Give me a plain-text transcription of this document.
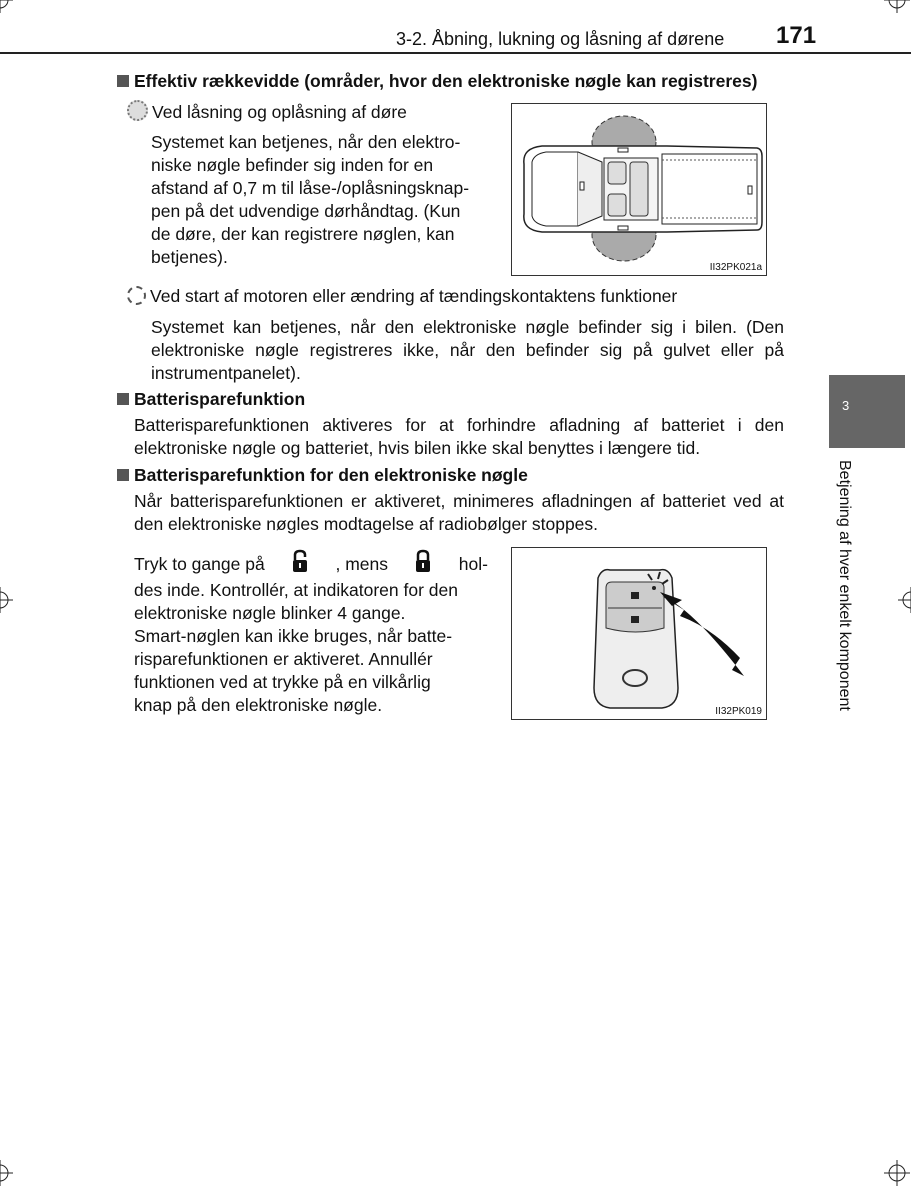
3-2. Åbning, lukning og låsning af dørene 171
Effektiv rækkevidde (områder, hvor den elektroniske nøgle kan registreres)
Ved låsning og oplåsning af døre
Systemet kan betjenes, når den elektro-
niske nøgle befinder sig inden for en
afstand af 0,7 m til låse-/oplåsningsknap-
pen på det udvendige dørhåndtag. (Kun
de døre, der kan registrere nøglen, kan
betjenes).
II32PK021a
Ved start af motoren eller ændring af tændingskontaktens funktioner
Systemet kan betjenes, når den elektroniske nøgle befinder sig i bilen. (Den elektroniske nøgle registreres ikke, når den befinder sig på gulvet eller på instrumentpanelet).
Batterisparefunktion
Batterisparefunktionen aktiveres for at forhindre afladning af batteriet i den elektroniske nøgle og batteriet, hvis bilen ikke skal benyttes i længere tid.
Batterisparefunktion for den elektroniske nøgle
Når batterisparefunktionen er aktiveret, minimeres afladningen af batteriet ved at den elektroniske nøgles modtagelse af radiobølger stoppes.
Tryk to gange på	, mens	hol-
des inde. Kontrollér, at indikatoren for den
elektroniske nøgle blinker 4 gange.
Smart-nøglen kan ikke bruges, når batte-
risparefunktionen er aktiveret. Annullér
funktionen ved at trykke på en vilkårlig
knap på den elektroniske nøgle.	II32PK019
3
Betjening af hver enkelt komponent
